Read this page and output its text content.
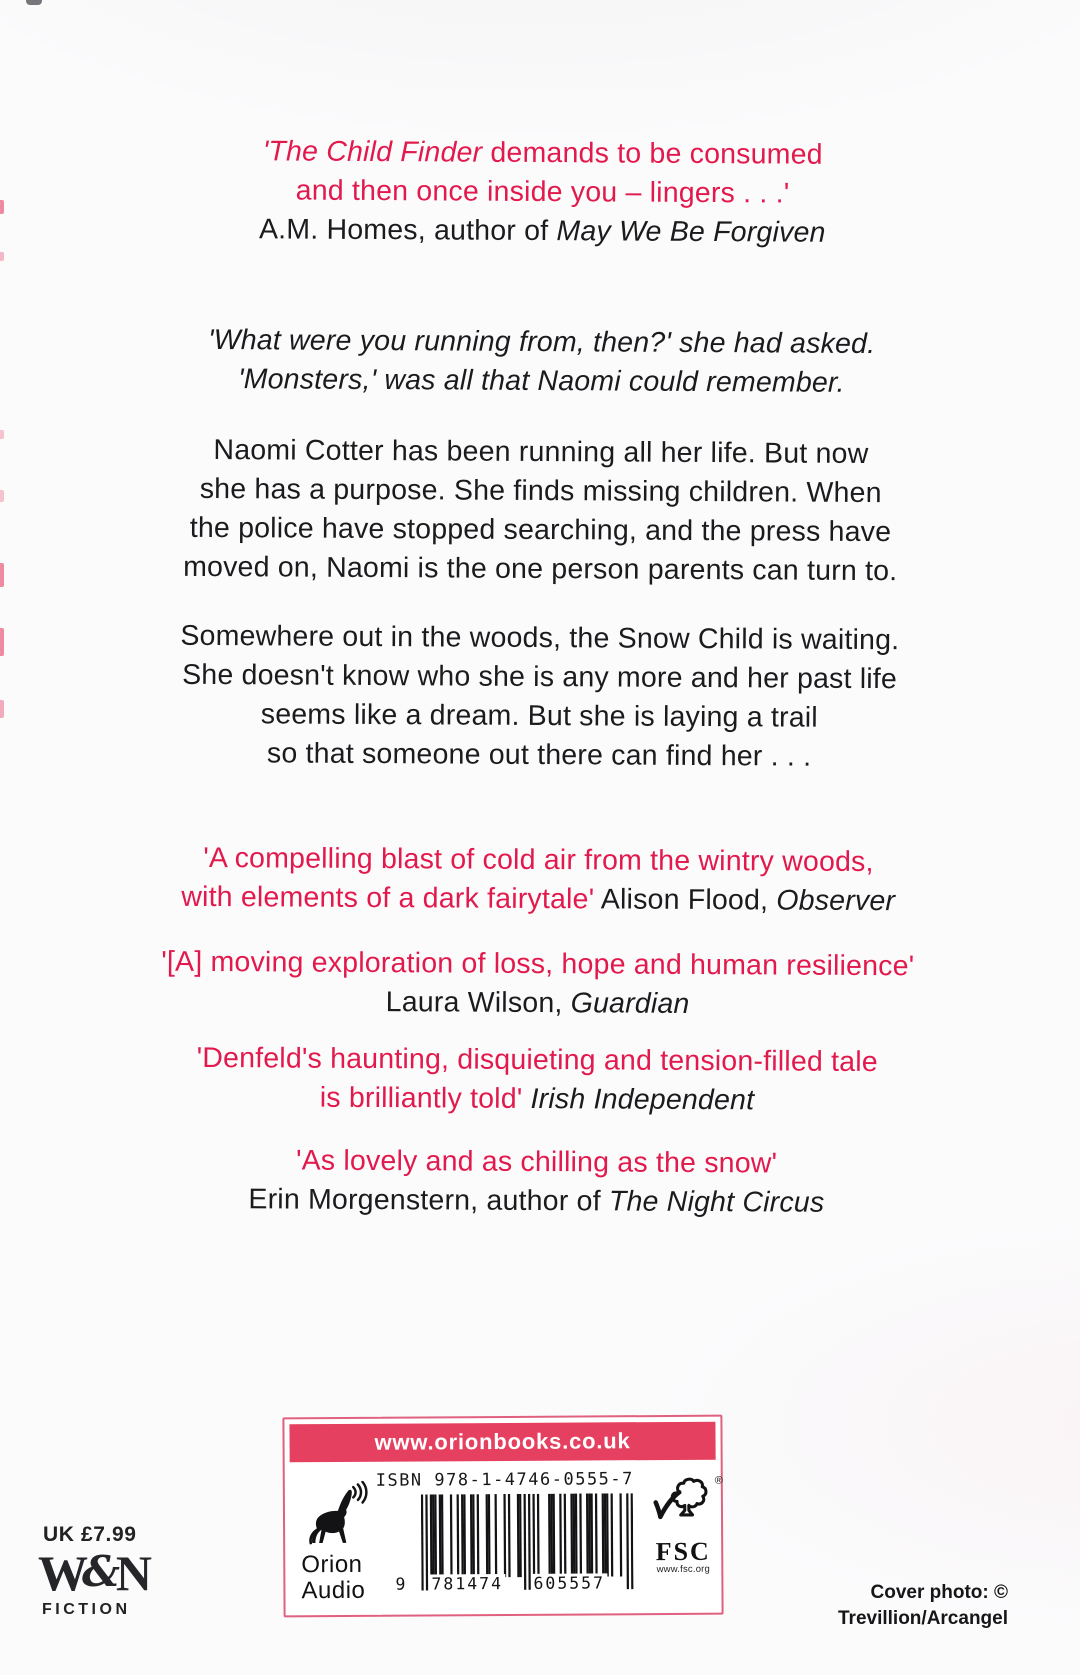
'The Child Finder demands to be consumed
and then once inside you – lingers . . .'
A.M. Homes, author of May We Be Forgiven
'What were you running from, then?' she had asked.
'Monsters,' was all that Naomi could remember.
Naomi Cotter has been running all her life. But now
she has a purpose. She finds missing children. When
the police have stopped searching, and the press have
moved on, Naomi is the one person parents can turn to.
Somewhere out in the woods, the Snow Child is waiting.
She doesn't know who she is any more and her past life
seems like a dream. But she is laying a trail
so that someone out there can find her . . .
'A compelling blast of cold air from the wintry woods,
with elements of a dark fairytale' Alison Flood, Observer
'[A] moving exploration of loss, hope and human resilience'
Laura Wilson, Guardian
'Denfeld's haunting, disquieting and tension-filled tale
is brilliantly told' Irish Independent
'As lovely and as chilling as the snow'
Erin Morgenstern, author of The Night Circus
UK £7.99
W&N
FICTION
www.orionbooks.co.uk
ISBN 978-1-4746-0555-7
Orion
Audio	9 781474 605557
®
FSC
www.fsc.org
Cover photo: ©
Trevillion/Arcangel
